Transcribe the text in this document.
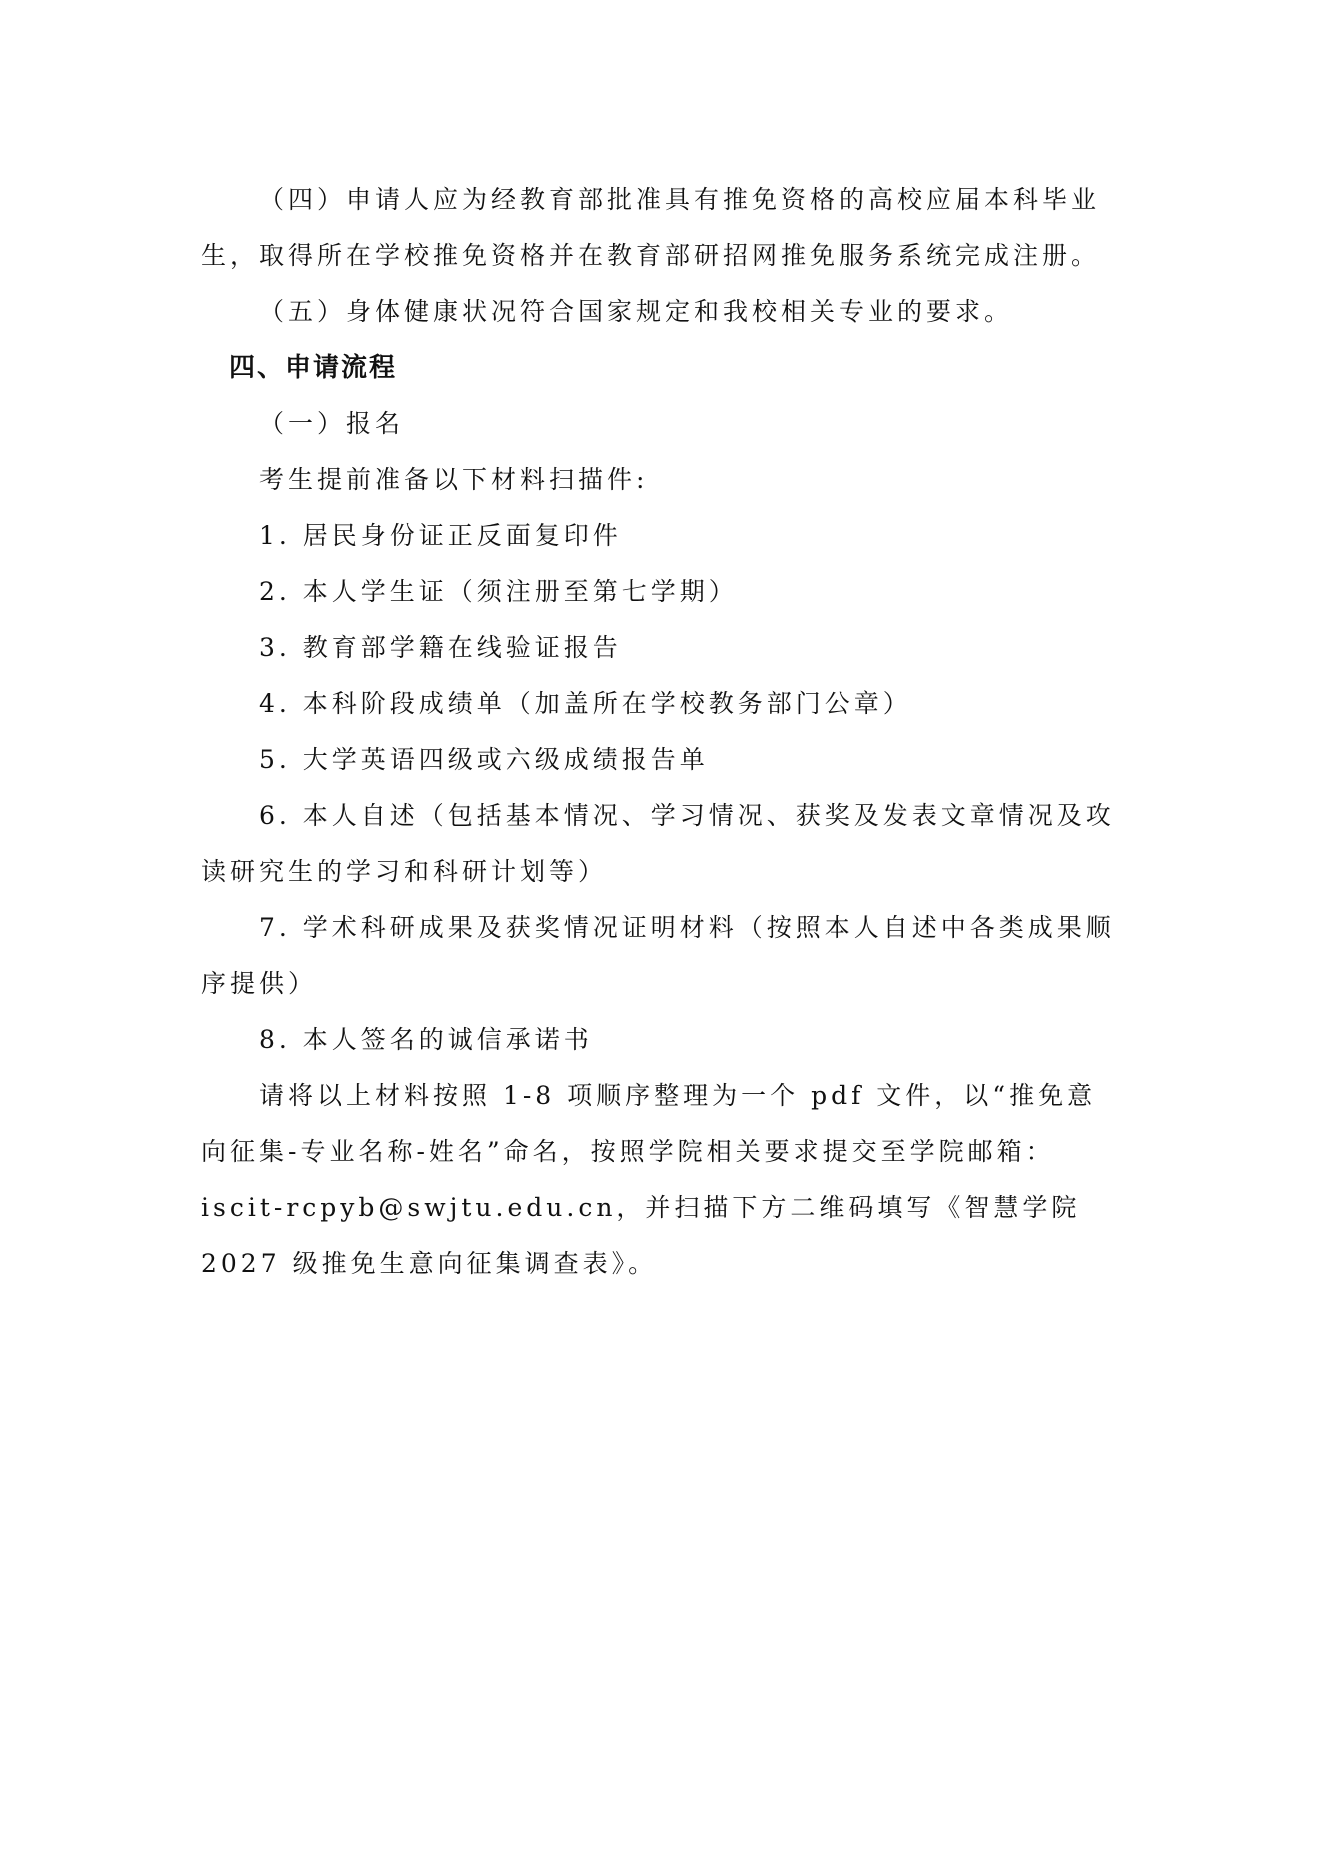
（四）申请人应为经教育部批准具有推免资格的高校应届本科毕业生，取得所在学校推免资格并在教育部研招网推免服务系统完成注册。

（五）身体健康状况符合国家规定和我校相关专业的要求。

四、申请流程

（一）报名

考生提前准备以下材料扫描件:

1. 居民身份证正反面复印件

2. 本人学生证（须注册至第七学期）

3. 教育部学籍在线验证报告

4. 本科阶段成绩单（加盖所在学校教务部门公章）

5. 大学英语四级或六级成绩报告单

6. 本人自述（包括基本情况、学习情况、获奖及发表文章情况及攻读研究生的学习和科研计划等）

7. 学术科研成果及获奖情况证明材料（按照本人自述中各类成果顺序提供）

8. 本人签名的诚信承诺书

请将以上材料按照 1-8 项顺序整理为一个 pdf 文件，以“推免意向征集-专业名称-姓名”命名，按照学院相关要求提交至学院邮箱：iscit-rcpyb@swjtu.edu.cn，并扫描下方二维码填写《智慧学院 2027 级推免生意向征集调查表》。
